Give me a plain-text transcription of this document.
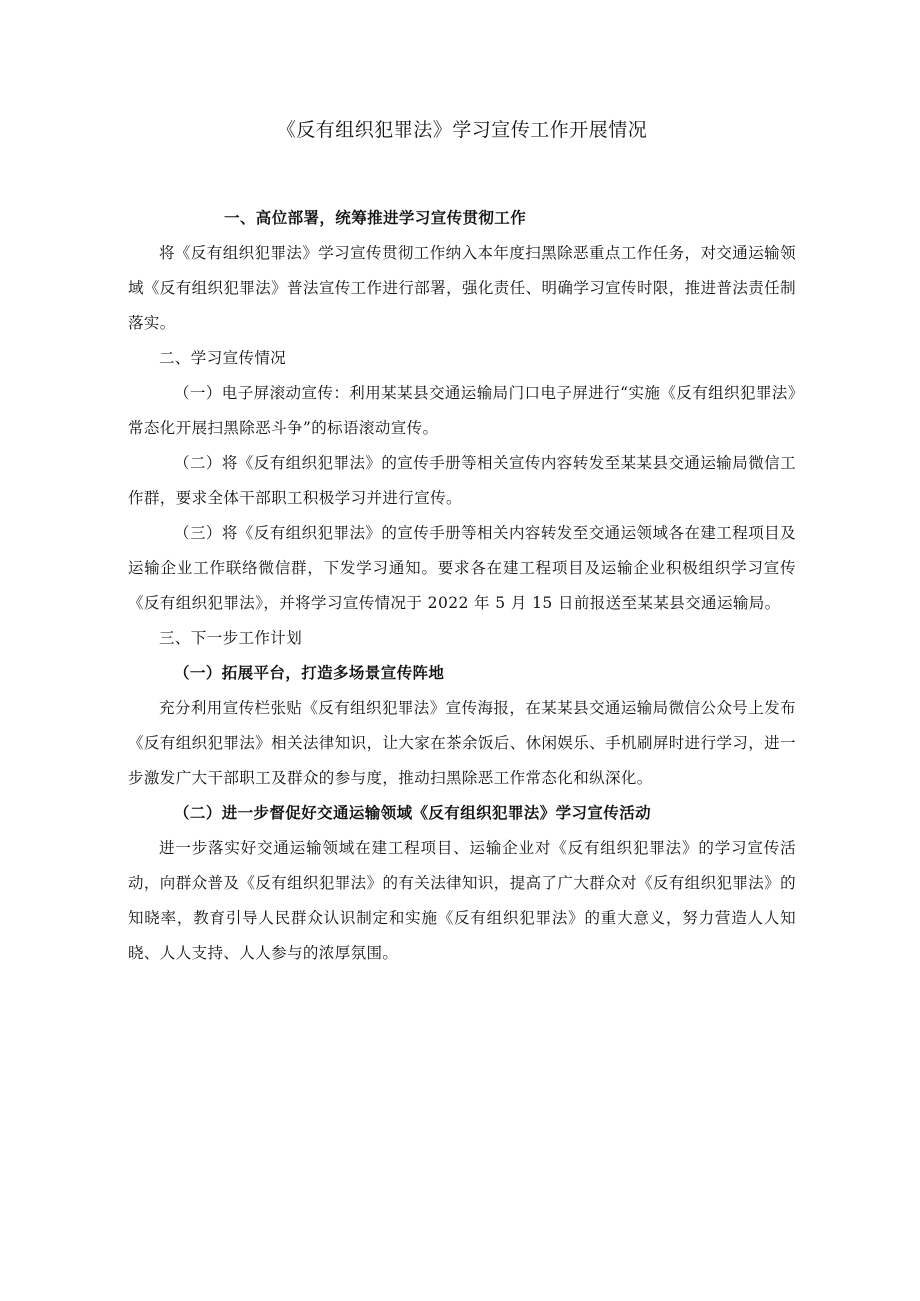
《反有组织犯罪法》学习宣传工作开展情况

一、高位部署，统筹推进学习宣传贯彻工作

将《反有组织犯罪法》学习宣传贯彻工作纳入本年度扫黑除恶重点工作任务，对交通运输领域《反有组织犯罪法》普法宣传工作进行部署，强化责任、明确学习宣传时限，推进普法责任制落实。

二、学习宣传情况

（一）电子屏滚动宣传：利用某某县交通运输局门口电子屏进行“实施《反有组织犯罪法》常态化开展扫黑除恶斗争”的标语滚动宣传。

（二）将《反有组织犯罪法》的宣传手册等相关宣传内容转发至某某县交通运输局微信工作群，要求全体干部职工积极学习并进行宣传。

（三）将《反有组织犯罪法》的宣传手册等相关内容转发至交通运领域各在建工程项目及运输企业工作联络微信群，下发学习通知。要求各在建工程项目及运输企业积极组织学习宣传《反有组织犯罪法》，并将学习宣传情况于 2022 年 5 月 15 日前报送至某某县交通运输局。

三、下一步工作计划

（一）拓展平台，打造多场景宣传阵地

充分利用宣传栏张贴《反有组织犯罪法》宣传海报，在某某县交通运输局微信公众号上发布《反有组织犯罪法》相关法律知识，让大家在茶余饭后、休闲娱乐、手机刷屏时进行学习，进一步激发广大干部职工及群众的参与度，推动扫黑除恶工作常态化和纵深化。

（二）进一步督促好交通运输领域《反有组织犯罪法》学习宣传活动

进一步落实好交通运输领域在建工程项目、运输企业对《反有组织犯罪法》的学习宣传活动，向群众普及《反有组织犯罪法》的有关法律知识，提高了广大群众对《反有组织犯罪法》的知晓率，教育引导人民群众认识制定和实施《反有组织犯罪法》的重大意义，努力营造人人知晓、人人支持、人人参与的浓厚氛围。
